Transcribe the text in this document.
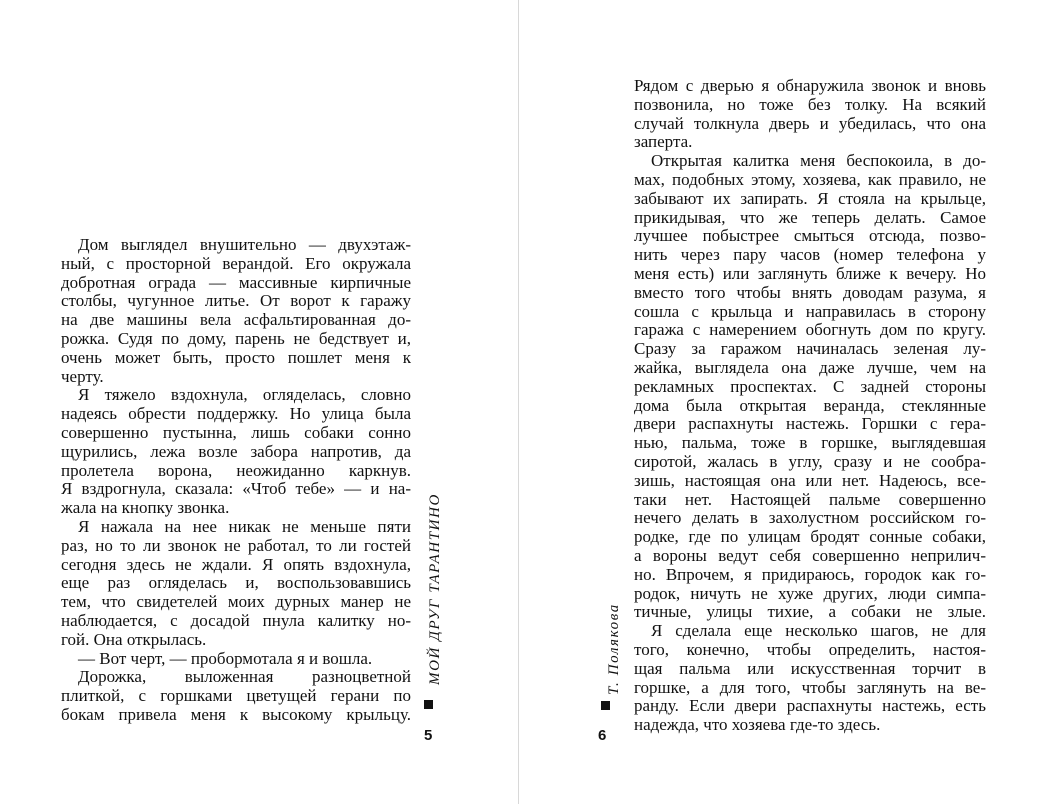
Дом выглядел внушительно — двухэтаж-
ный, с просторной верандой. Его окружала
добротная ограда — массивные кирпичные
столбы, чугунное литье. От ворот к гаражу
на две машины вела асфальтированная до-
рожка. Судя по дому, парень не бедствует и,
очень может быть, просто пошлет меня к
черту.
Я тяжело вздохнула, огляделась, словно
надеясь обрести поддержку. Но улица была
совершенно пустынна, лишь собаки сонно
щурились, лежа возле забора напротив, да
пролетела ворона, неожиданно каркнув.
Я вздрогнула, сказала: «Чтоб тебе» — и на-
жала на кнопку звонка.
Я нажала на нее никак не меньше пяти
раз, но то ли звонок не работал, то ли гостей
сегодня здесь не ждали. Я опять вздохнула,
еще раз огляделась и, воспользовавшись
тем, что свидетелей моих дурных манер не
наблюдается, с досадой пнула калитку но-
гой. Она открылась.
— Вот черт, — пробормотала я и вошла.
Дорожка, выложенная разноцветной
плиткой, с горшками цветущей герани по
бокам привела меня к высокому крыльцу.
Рядом с дверью я обнаружила звонок и вновь
позвонила, но тоже без толку. На всякий
случай толкнула дверь и убедилась, что она
заперта.
Открытая калитка меня беспокоила, в до-
мах, подобных этому, хозяева, как правило, не
забывают их запирать. Я стояла на крыльце,
прикидывая, что же теперь делать. Самое
лучшее побыстрее смыться отсюда, позво-
нить через пару часов (номер телефона у
меня есть) или заглянуть ближе к вечеру. Но
вместо того чтобы внять доводам разума, я
сошла с крыльца и направилась в сторону
гаража с намерением обогнуть дом по кругу.
Сразу за гаражом начиналась зеленая лу-
жайка, выглядела она даже лучше, чем на
рекламных проспектах. С задней стороны
дома была открытая веранда, стеклянные
двери распахнуты настежь. Горшки с гера-
нью, пальма, тоже в горшке, выглядевшая
сиротой, жалась в углу, сразу и не сообра-
зишь, настоящая она или нет. Надеюсь, все-
таки нет. Настоящей пальме совершенно
нечего делать в захолустном российском го-
родке, где по улицам бродят сонные собаки,
а вороны ведут себя совершенно неприлич-
но. Впрочем, я придираюсь, городок как го-
родок, ничуть не хуже других, люди симпа-
тичные, улицы тихие, а собаки не злые.
Я сделала еще несколько шагов, не для
того, конечно, чтобы определить, настоя-
щая пальма или искусственная торчит в
горшке, а для того, чтобы заглянуть на ве-
ранду. Если двери распахнуты настежь, есть
надежда, что хозяева где-то здесь.
МОЙ ДРУГ ТАРАНТИНО	Т. Полякова
5	6
